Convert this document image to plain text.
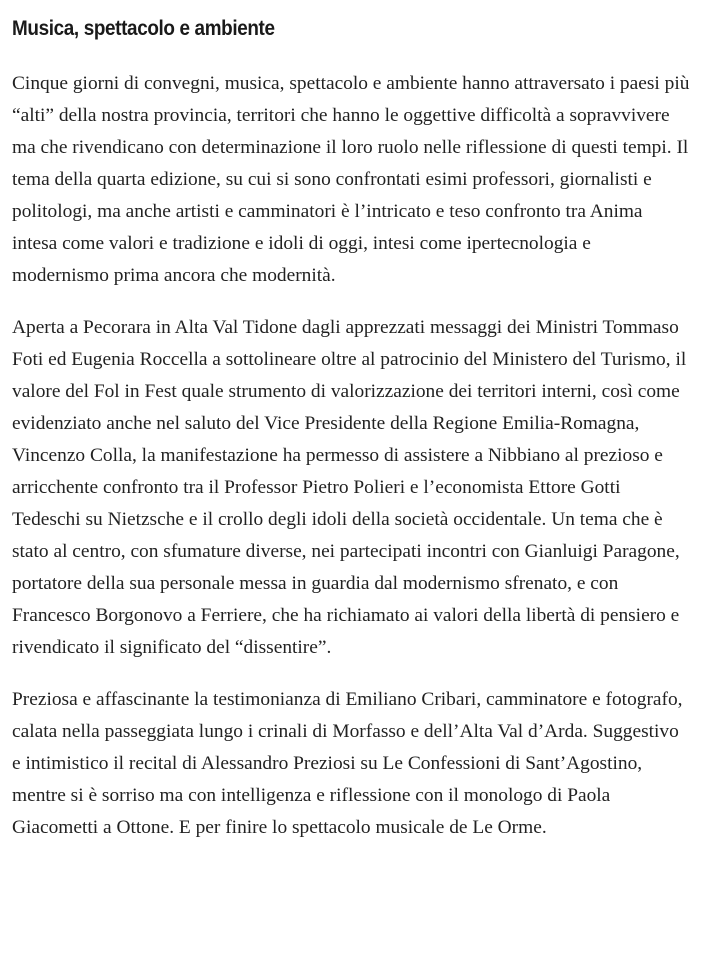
Musica, spettacolo e ambiente

Cinque giorni di convegni, musica, spettacolo e ambiente hanno attraversato i paesi più “alti” della nostra provincia, territori che hanno le oggettive difficoltà a sopravvivere ma che rivendicano con determinazione il loro ruolo nelle riflessione di questi tempi. Il tema della quarta edizione, su cui si sono confrontati esimi professori, giornalisti e politologi, ma anche artisti e camminatori è l’intricato e teso confronto tra Anima intesa come valori e tradizione e idoli di oggi, intesi come ipertecnologia e modernismo prima ancora che modernità.

Aperta a Pecorara in Alta Val Tidone dagli apprezzati messaggi dei Ministri Tommaso Foti ed Eugenia Roccella a sottolineare oltre al patrocinio del Ministero del Turismo, il valore del Fol in Fest quale strumento di valorizzazione dei territori interni, così come evidenziato anche nel saluto del Vice Presidente della Regione Emilia-Romagna, Vincenzo Colla, la manifestazione ha permesso di assistere a Nibbiano al prezioso e arricchente confronto tra il Professor Pietro Polieri e l’economista Ettore Gotti Tedeschi su Nietzsche e il crollo degli idoli della società occidentale. Un tema che è stato al centro, con sfumature diverse, nei partecipati incontri con Gianluigi Paragone, portatore della sua personale messa in guardia dal modernismo sfrenato, e con Francesco Borgonovo a Ferriere, che ha richiamato ai valori della libertà di pensiero e rivendicato il significato del “dissentire”.

Preziosa e affascinante la testimonianza di Emiliano Cribari, camminatore e fotografo, calata nella passeggiata lungo i crinali di Morfasso e dell’Alta Val d’Arda. Suggestivo e intimistico il recital di Alessandro Preziosi su Le Confessioni di Sant’Agostino, mentre si è sorriso ma con intelligenza e riflessione con il monologo di Paola Giacometti a Ottone. E per finire lo spettacolo musicale de Le Orme.
